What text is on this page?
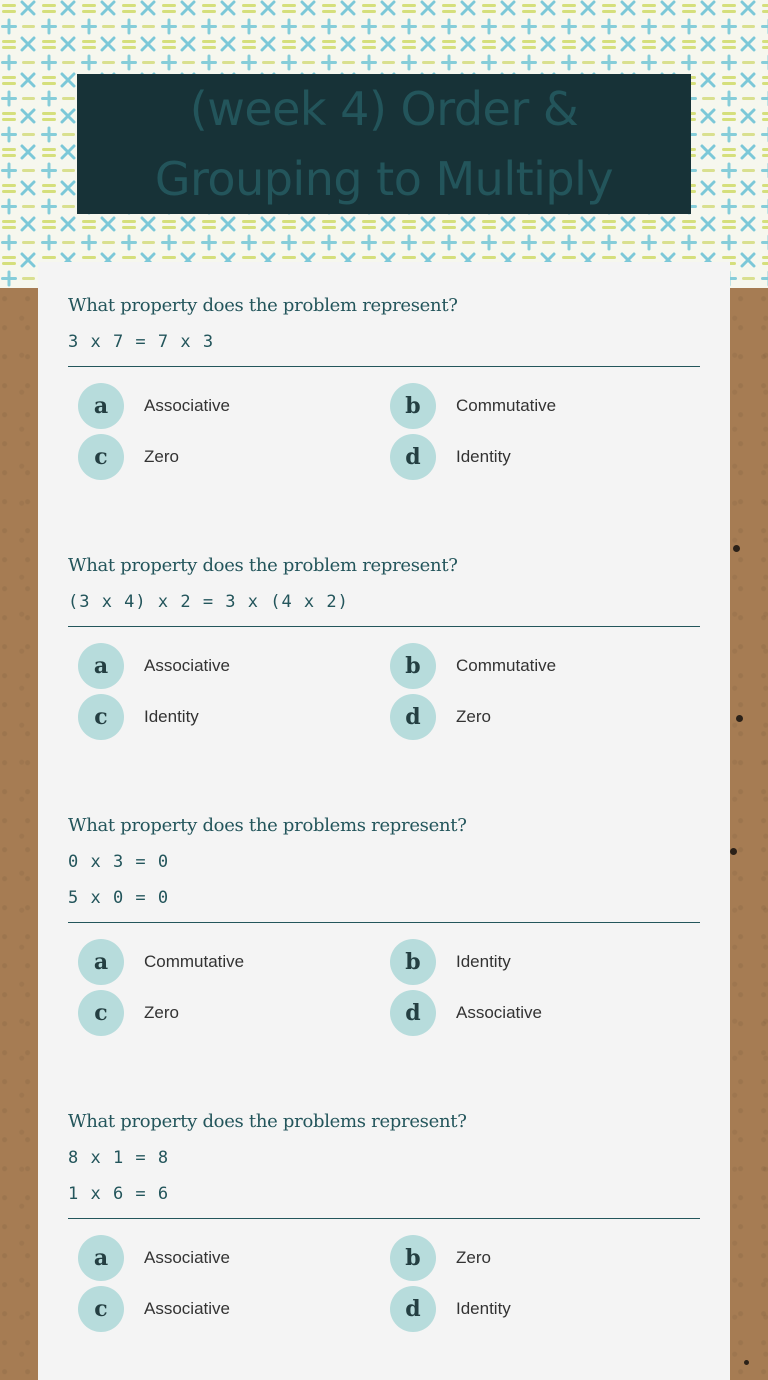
(week 4) Order & Grouping to Multiply
What property does the problem represent?
3 x 7 = 7 x 3
a	Associative	b	Commutative
c	Zero	d	Identity
What property does the problem represent?
(3 x 4) x 2 = 3 x (4 x 2)
a	Associative	b	Commutative
c	Identity	d	Zero
What property does the problems represent?
0 x 3 = 0
5 x 0 = 0
a	Commutative	b	Identity
c	Zero	d	Associative
What property does the problems represent?
8 x 1 = 8
1 x 6 = 6
a	Associative	b	Zero
c	Associative	d	Identity
